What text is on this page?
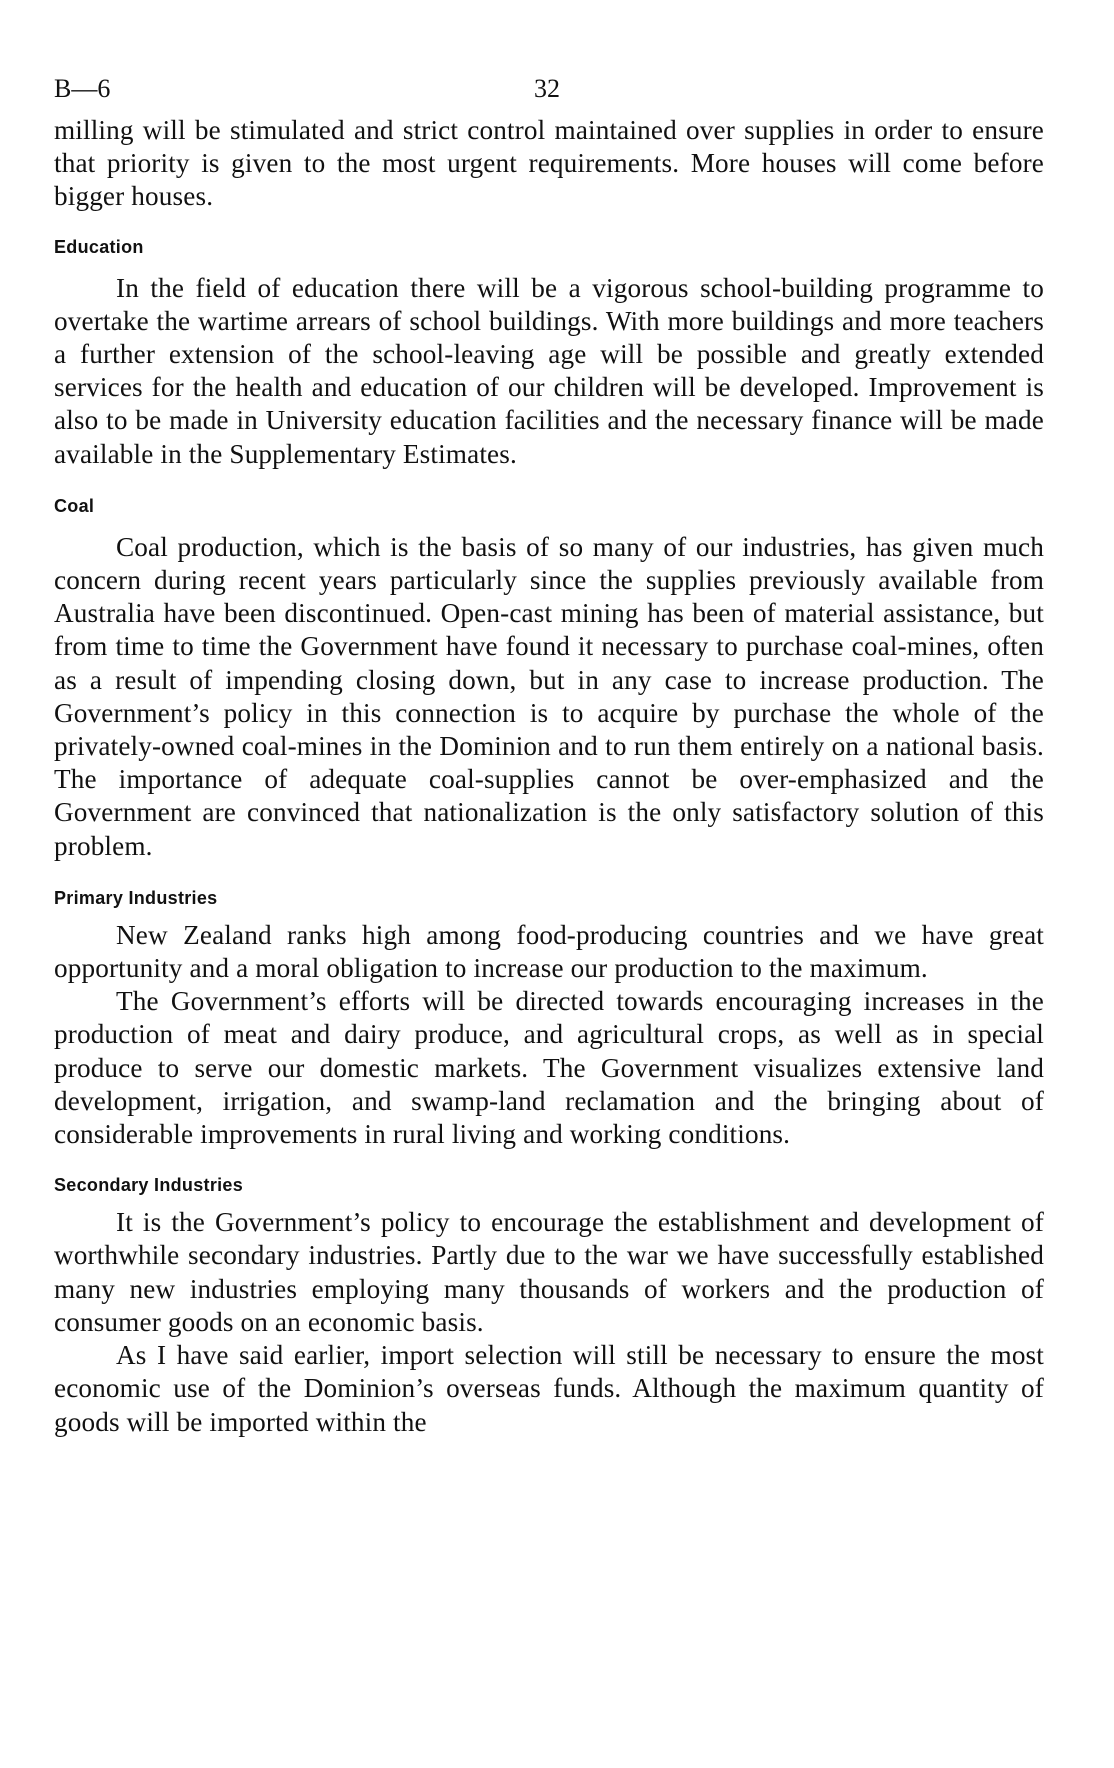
B—6	32

milling will be stimulated and strict control maintained over supplies in order to ensure that priority is given to the most urgent requirements. More houses will come before bigger houses.

Education

In the field of education there will be a vigorous school-building programme to overtake the wartime arrears of school buildings. With more buildings and more teachers a further extension of the school-leaving age will be possible and greatly extended services for the health and education of our children will be developed. Improvement is also to be made in University education facilities and the necessary finance will be made available in the Supplementary Estimates.

Coal

Coal production, which is the basis of so many of our industries, has given much concern during recent years particularly since the supplies previously available from Australia have been discontinued. Open-cast mining has been of material assistance, but from time to time the Government have found it necessary to purchase coal-mines, often as a result of impending closing down, but in any case to increase production. The Government’s policy in this connection is to acquire by purchase the whole of the privately-owned coal-mines in the Dominion and to run them entirely on a national basis. The importance of adequate coal-supplies cannot be over-emphasized and the Government are convinced that nationalization is the only satisfactory solution of this problem.

Primary Industries

New Zealand ranks high among food-producing countries and we have great opportunity and a moral obligation to increase our production to the maximum.

The Government’s efforts will be directed towards encouraging increases in the production of meat and dairy produce, and agricultural crops, as well as in special produce to serve our domestic markets. The Government visualizes extensive land development, irrigation, and swamp-land reclamation and the bringing about of considerable improvements in rural living and working conditions.

Secondary Industries

It is the Government’s policy to encourage the establishment and development of worthwhile secondary industries. Partly due to the war we have successfully established many new industries employing many thousands of workers and the production of consumer goods on an economic basis.

As I have said earlier, import selection will still be necessary to ensure the most economic use of the Dominion’s overseas funds. Although the maximum quantity of goods will be imported within the
